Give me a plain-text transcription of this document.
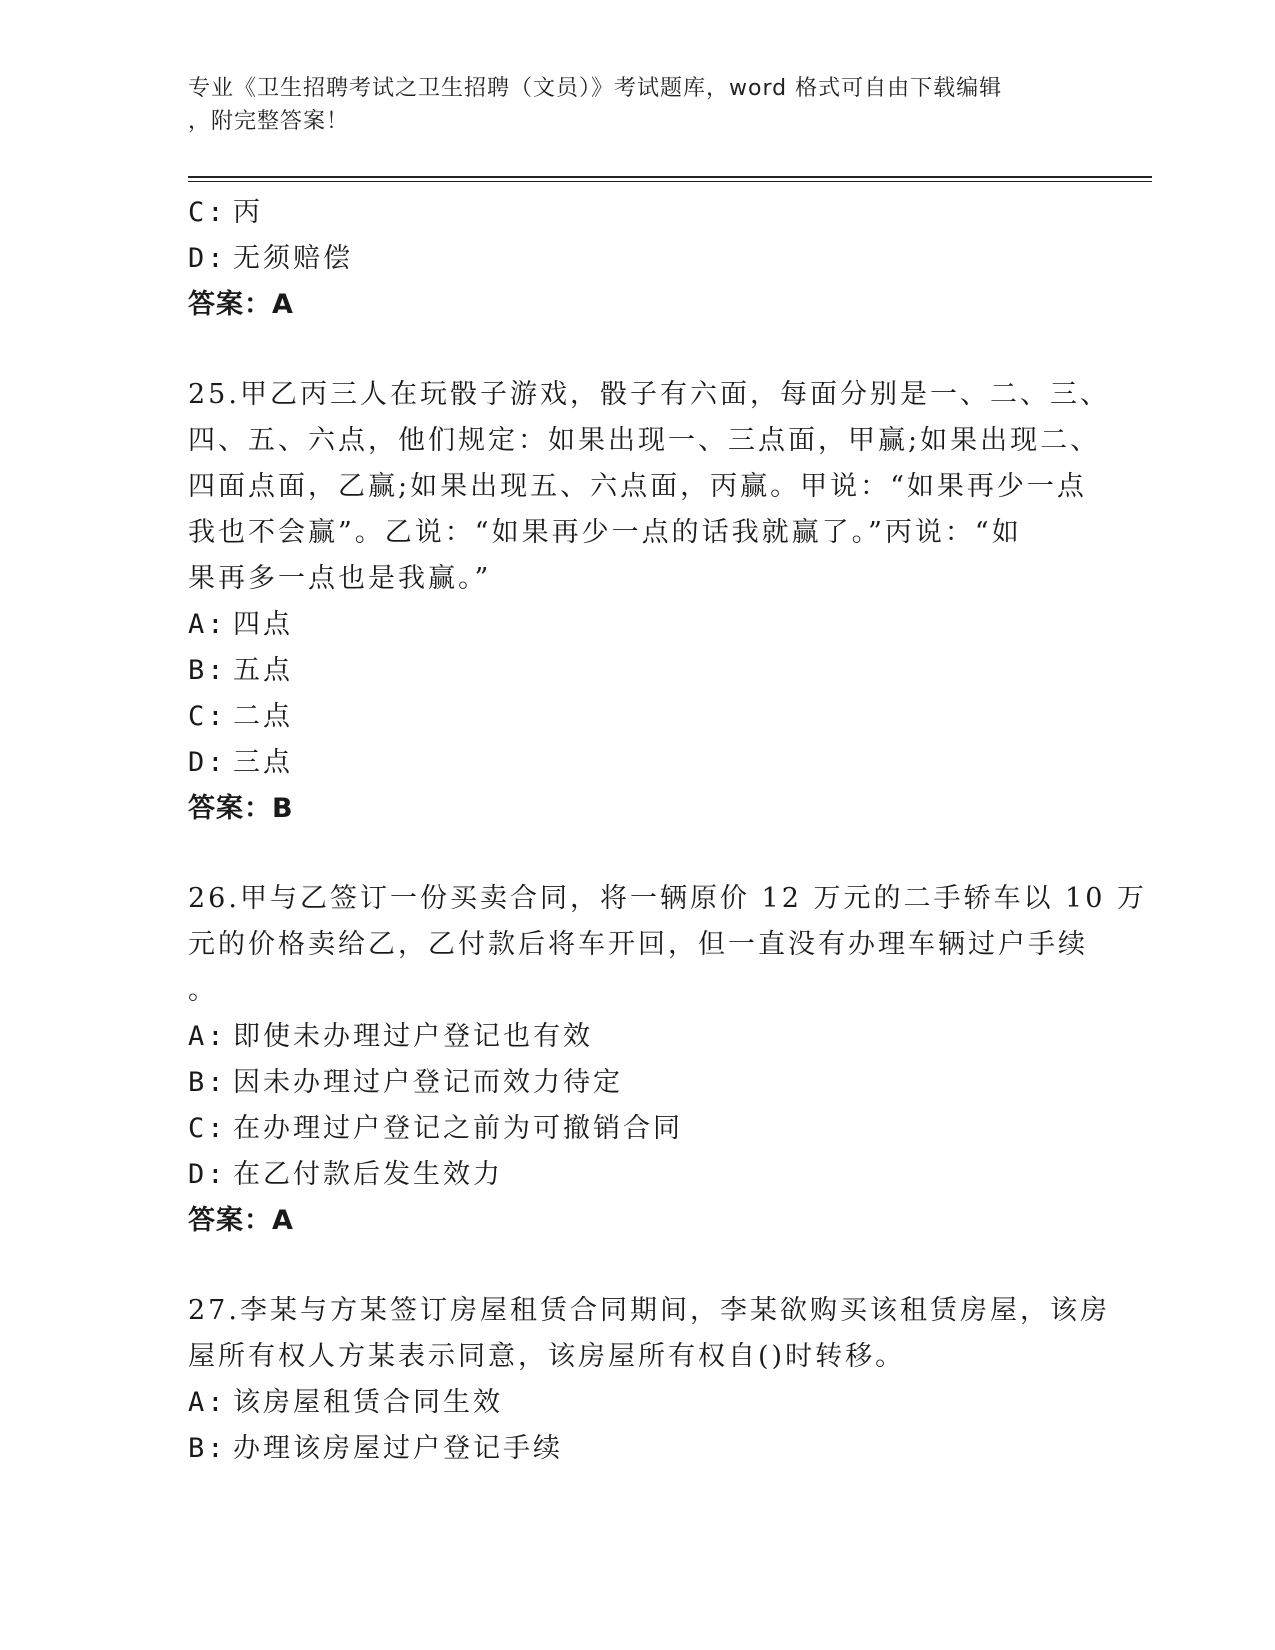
专业《卫生招聘考试之卫生招聘（文员）》考试题库，word 格式可自由下载编辑
，附完整答案！
C: 丙
D: 无须赔偿
答案：A
25.甲乙丙三人在玩骰子游戏，骰子有六面，每面分别是一、二、三、
四、五、六点，他们规定：如果出现一、三点面，甲赢;如果出现二、
四面点面，乙赢;如果出现五、六点面，丙赢。甲说：“如果再少一点
我也不会赢”。乙说：“如果再少一点的话我就赢了。”丙说：“如
果再多一点也是我赢。”
A: 四点
B: 五点
C: 二点
D: 三点
答案：B
26.甲与乙签订一份买卖合同，将一辆原价 12 万元的二手轿车以 10 万
元的价格卖给乙，乙付款后将车开回，但一直没有办理车辆过户手续
。
A: 即使未办理过户登记也有效
B: 因未办理过户登记而效力待定
C: 在办理过户登记之前为可撤销合同
D: 在乙付款后发生效力
答案：A
27.李某与方某签订房屋租赁合同期间，李某欲购买该租赁房屋，该房
屋所有权人方某表示同意，该房屋所有权自()时转移。
A: 该房屋租赁合同生效
B: 办理该房屋过户登记手续
